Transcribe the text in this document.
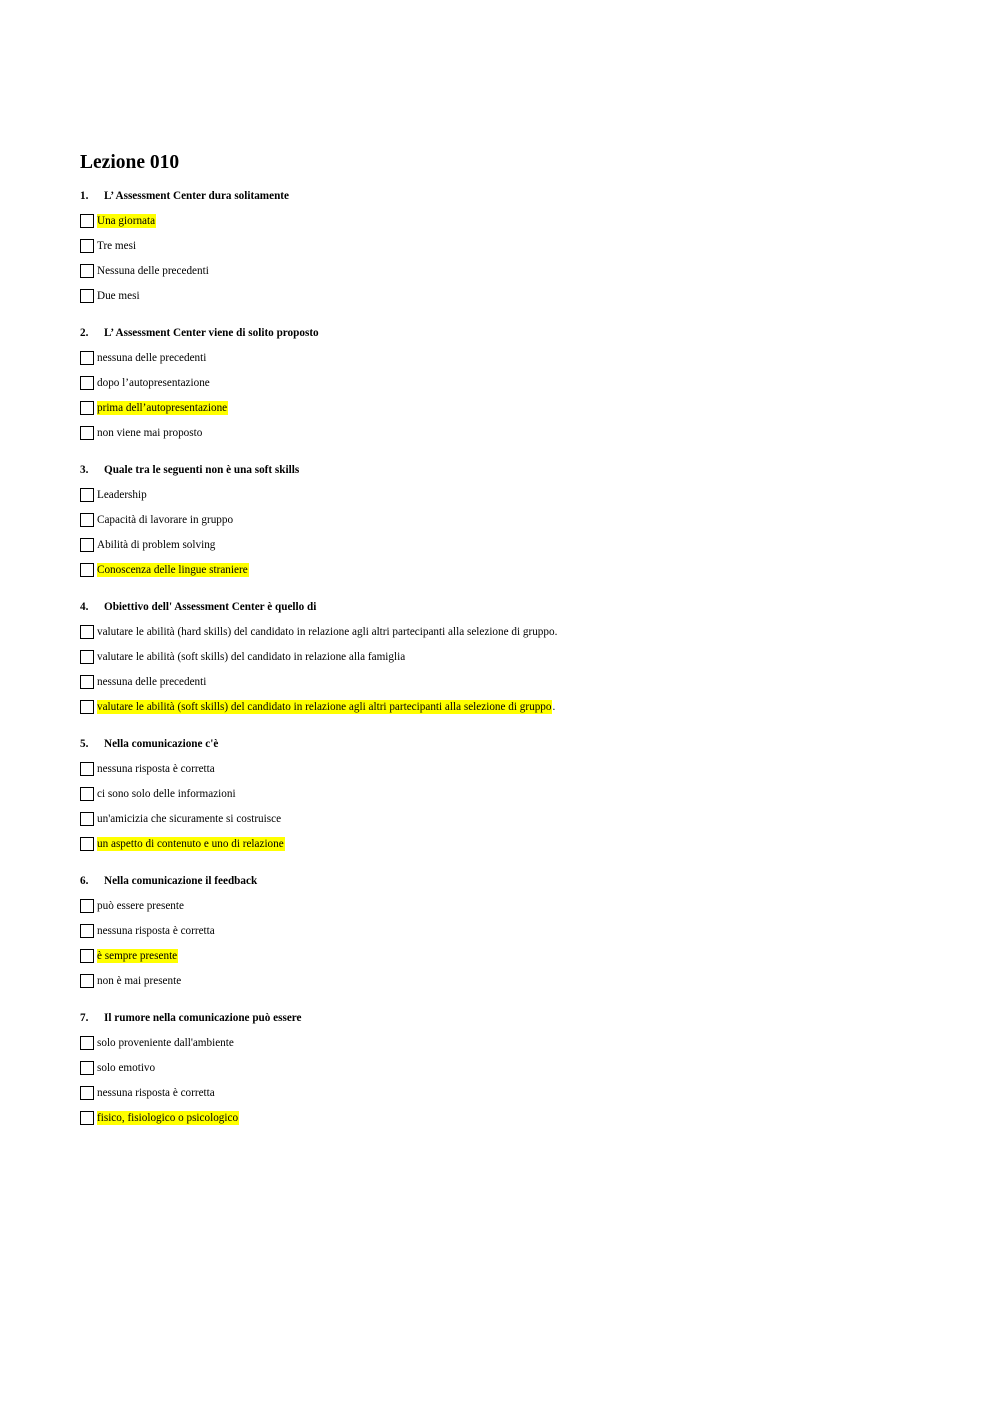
Lezione 010
1.	L’ Assessment Center dura solitamente
Una giornata
Tre mesi
Nessuna delle precedenti
Due mesi
2.	L’ Assessment Center viene di solito proposto
nessuna delle precedenti
dopo l’autopresentazione
prima dell’autopresentazione
non viene mai proposto
3.	Quale tra le seguenti non è una soft skills
Leadership
Capacità di lavorare in gruppo
Abilità di problem solving
Conoscenza delle lingue straniere
4.	Obiettivo dell' Assessment Center è quello di
valutare le abilità (hard skills) del candidato in relazione agli altri partecipanti alla selezione di gruppo.
valutare le abilità (soft skills) del candidato in relazione alla famiglia
nessuna delle precedenti
valutare le abilità (soft skills) del candidato in relazione agli altri partecipanti alla selezione di gruppo .
5.	Nella comunicazione c'è
nessuna risposta è corretta
ci sono solo delle informazioni
un'amicizia che sicuramente si costruisce
un aspetto di contenuto e uno di relazione
6.	Nella comunicazione il feedback
può essere presente
nessuna risposta è corretta
è sempre presente
non è mai presente
7.	Il rumore nella comunicazione può essere
solo proveniente dall'ambiente
solo emotivo
nessuna risposta è corretta
fisico, fisiologico o psicologico
